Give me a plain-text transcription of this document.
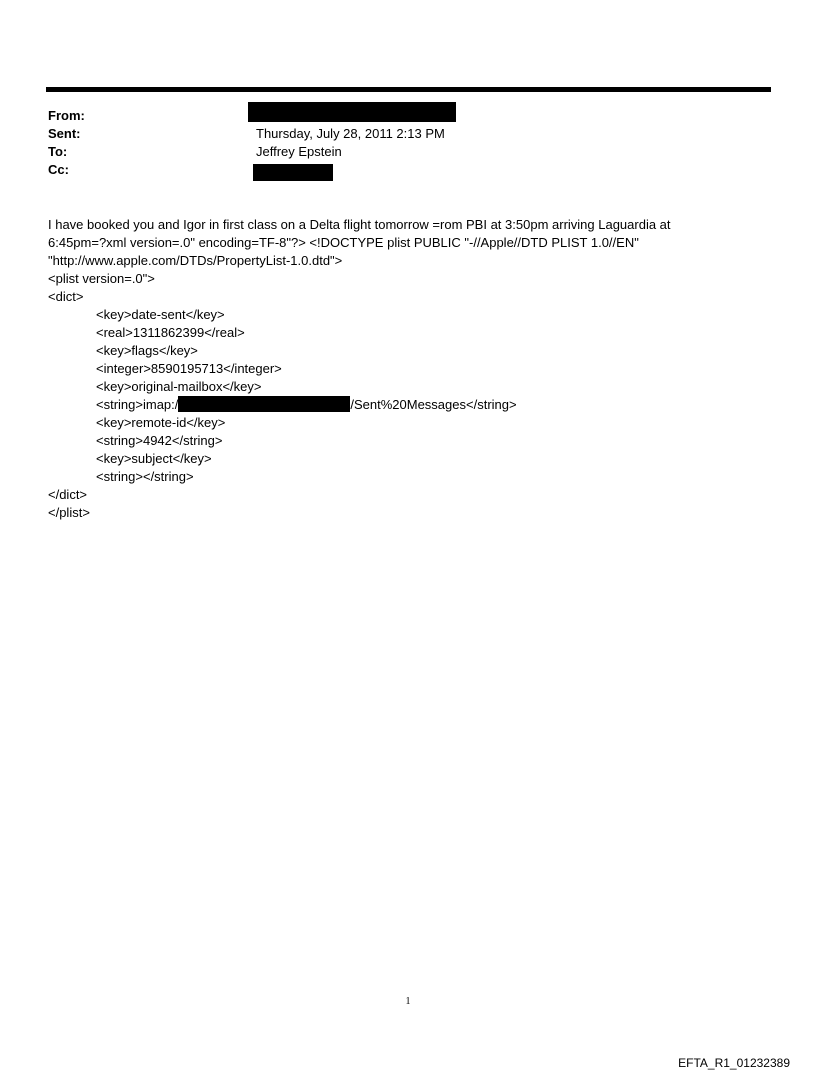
From:
Sent:	Thursday, July 28, 2011 2:13 PM
To:	Jeffrey Epstein
Cc:
I have booked you and Igor in first class on a Delta flight tomorrow =rom PBI at 3:50pm arriving Laguardia at
6:45pm=?xml version=.0" encoding=TF-8"?> <!DOCTYPE plist PUBLIC "-//Apple//DTD PLIST 1.0//EN"
"http://www.apple.com/DTDs/PropertyList-1.0.dtd">
<plist version=.0">
<dict>
<key>date-sent</key>
<real>1311862399</real>
<key>flags</key>
<integer>8590195713</integer>
<key>original-mailbox</key>
<string>imap:/	/Sent%20Messages</string>
<key>remote-id</key>
<string>4942</string>
<key>subject</key>
<string></string>
</dict>
</plist>
1
EFTA_R1_01232389
